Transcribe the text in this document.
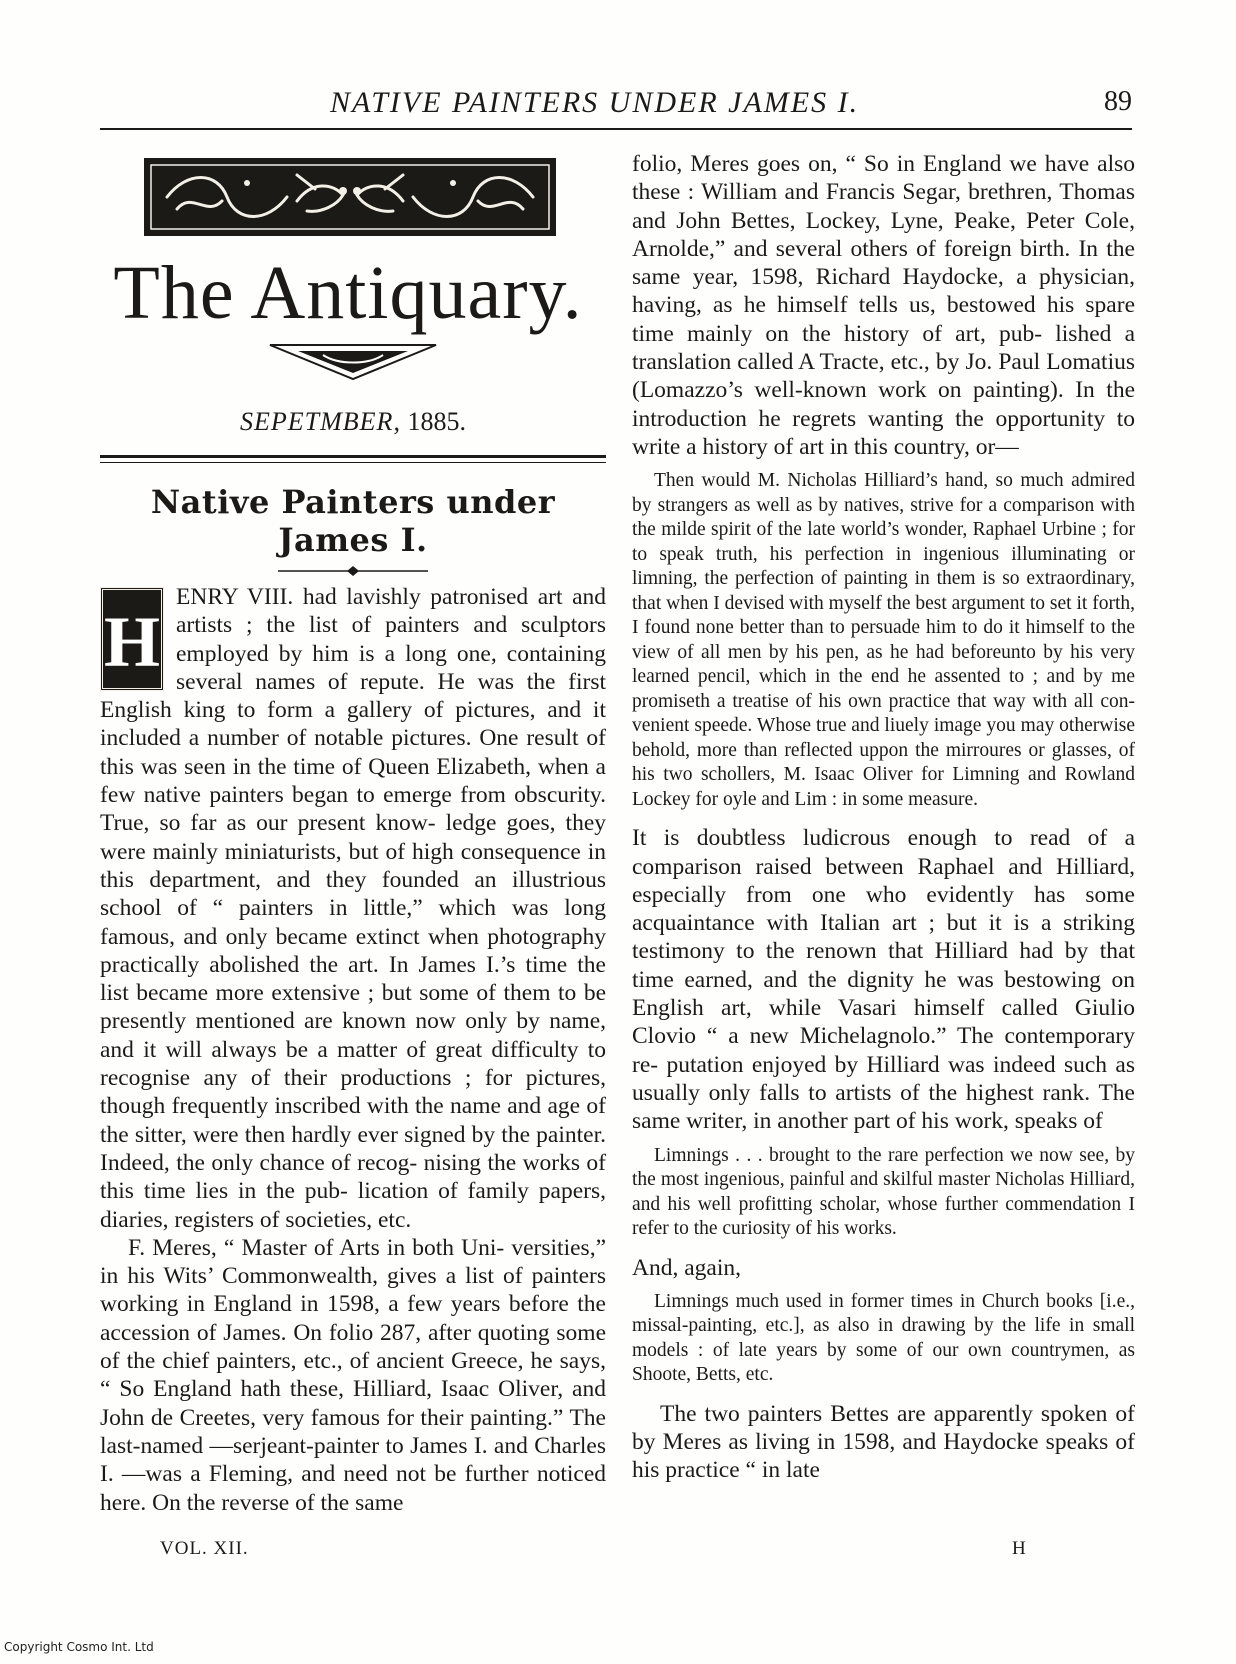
NATIVE PAINTERS UNDER JAMES I.	89
The Antiquary.
SEPETMBER, 1885.
Native Painters under James I.
H

ENRY VIII. had lavishly patronised art and artists ; the list of painters and sculptors employed by him is a long one, containing several names of repute. He was the first English king to form a gallery of pictures, and it included a number of notable pictures. One result of this was seen in the time of Queen Elizabeth, when a few native painters began to emerge from obscurity. True, so far as our present know- ledge goes, they were mainly miniaturists, but of high consequence in this department, and they founded an illustrious school of “ painters in little,” which was long famous, and only became extinct when photography practically abolished the art. In James I.’s time the list became more extensive ; but some of them to be presently mentioned are known now only by name, and it will always be a matter of great difficulty to recognise any of their productions ; for pictures, though frequently inscribed with the name and age of the sitter, were then hardly ever signed by the painter. Indeed, the only chance of recog- nising the works of this time lies in the pub- lication of family papers, diaries, registers of societies, etc.

F. Meres, “ Master of Arts in both Uni- versities,” in his Wits’ Commonwealth, gives a list of painters working in England in 1598, a few years before the accession of James. On folio 287, after quoting some of the chief painters, etc., of ancient Greece, he says, “ So England hath these, Hilliard, Isaac Oliver, and John de Creetes, very famous for their painting.” The last-named —serjeant-painter to James I. and Charles I. —was a Fleming, and need not be further noticed here. On the reverse of the same

folio, Meres goes on, “ So in England we have also these : William and Francis Segar, brethren, Thomas and John Bettes, Lockey, Lyne, Peake, Peter Cole, Arnolde,” and several others of foreign birth. In the same year, 1598, Richard Haydocke, a physician, having, as he himself tells us, bestowed his spare time mainly on the history of art, pub- lished a translation called A Tracte, etc., by Jo. Paul Lomatius (Lomazzo’s well-known work on painting). In the introduction he regrets wanting the opportunity to write a history of art in this country, or—

Then would M. Nicholas Hilliard’s hand, so much admired by strangers as well as by natives, strive for a comparison with the milde spirit of the late world’s wonder, Raphael Urbine ; for to speak truth, his perfection in ingenious illuminating or limning, the perfection of painting in them is so extraordinary, that when I devised with myself the best argument to set it forth, I found none better than to persuade him to do it himself to the view of all men by his pen, as he had beforeunto by his very learned pencil, which in the end he assented to ; and by me promiseth a treatise of his own practice that way with all con- venient speede. Whose true and liuely image you may otherwise behold, more than reflected uppon the mirroures or glasses, of his two schollers, M. Isaac Oliver for Limning and Rowland Lockey for oyle and Lim : in some measure.

It is doubtless ludicrous enough to read of a comparison raised between Raphael and Hilliard, especially from one who evidently has some acquaintance with Italian art ; but it is a striking testimony to the renown that Hilliard had by that time earned, and the dignity he was bestowing on English art, while Vasari himself called Giulio Clovio “ a new Michelagnolo.” The contemporary re- putation enjoyed by Hilliard was indeed such as usually only falls to artists of the highest rank. The same writer, in another part of his work, speaks of

Limnings . . . brought to the rare perfection we now see, by the most ingenious, painful and skilful master Nicholas Hilliard, and his well profitting scholar, whose further commendation I refer to the curiosity of his works.

And, again,

Limnings much used in former times in Church books [i.e., missal-painting, etc.], as also in drawing by the life in small models : of late years by some of our own countrymen, as Shoote, Betts, etc.

The two painters Bettes are apparently spoken of by Meres as living in 1598, and Haydocke speaks of his practice “ in late

VOL. XII.	H
Copyright Cosmo Int. Ltd
